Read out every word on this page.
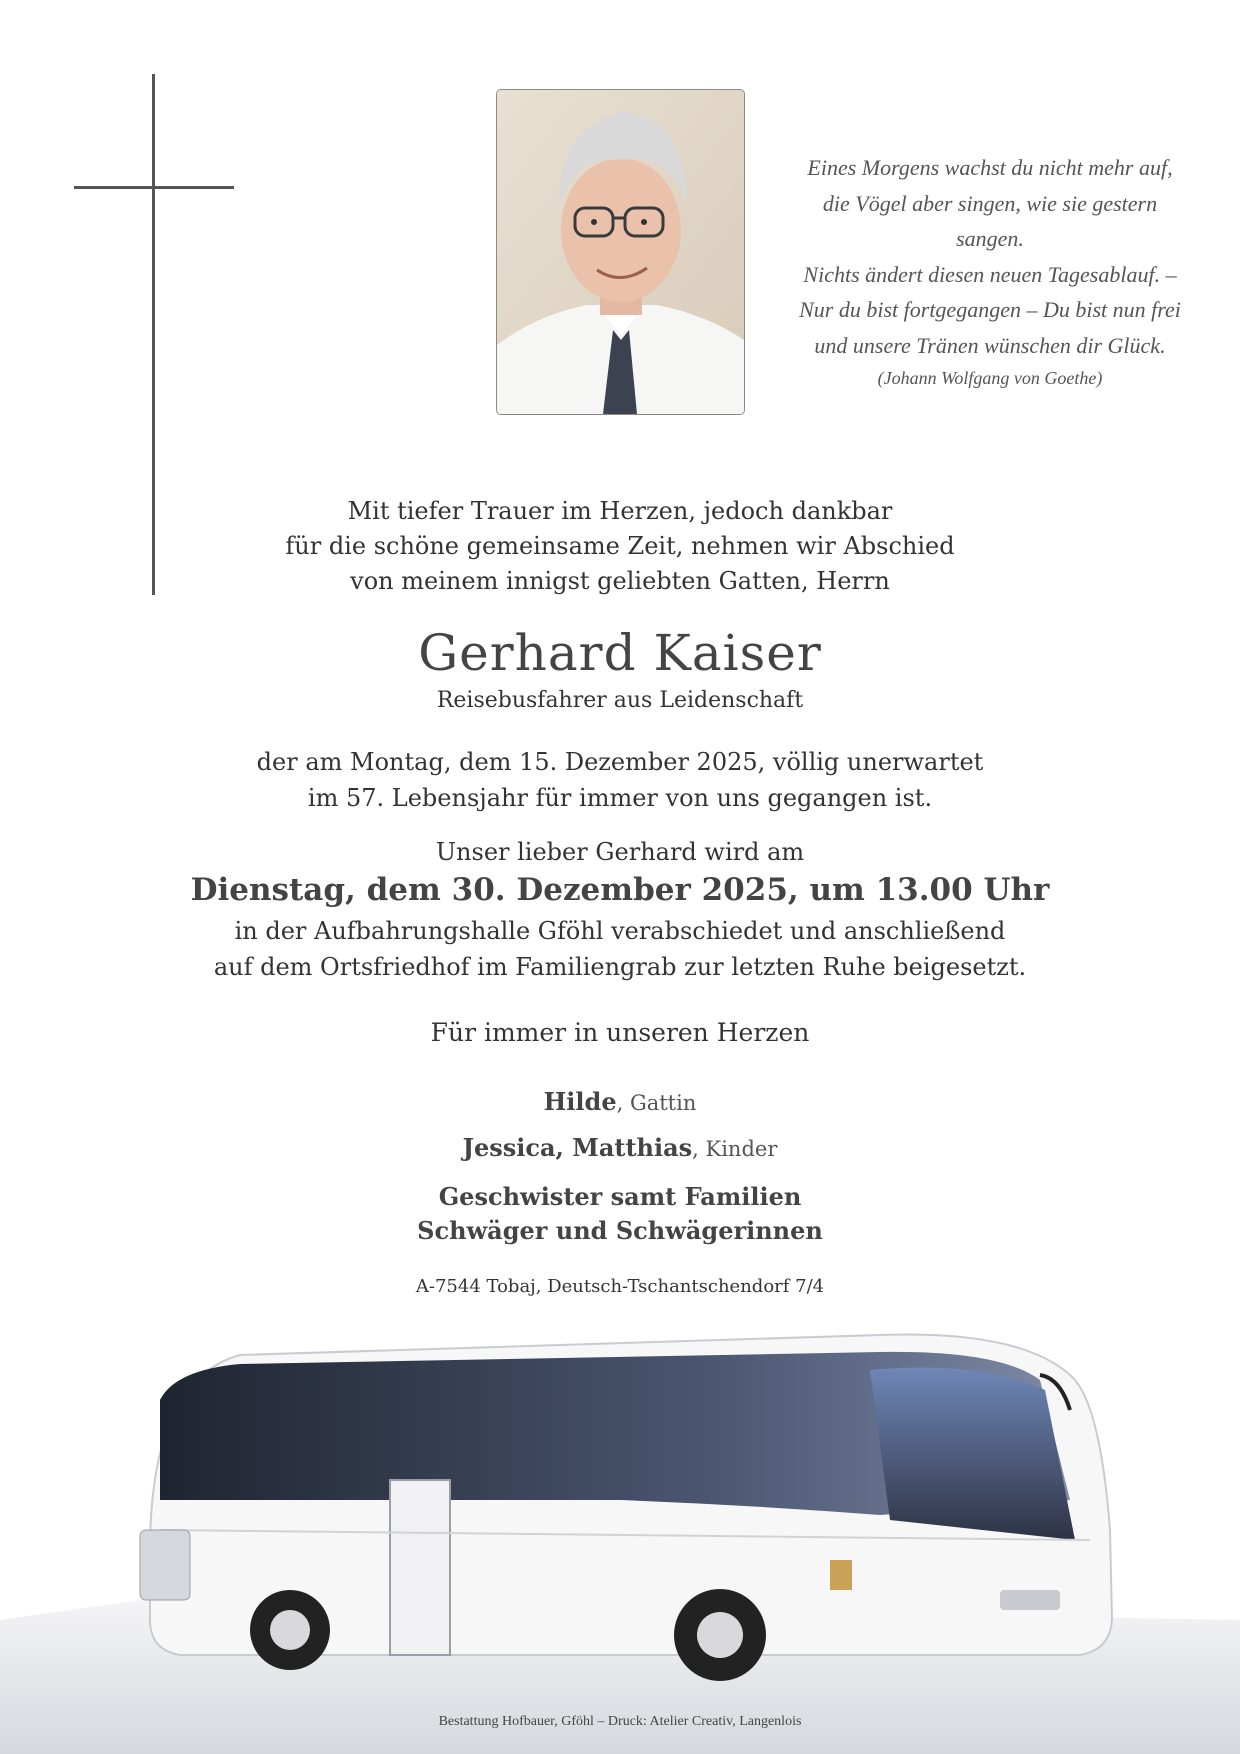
Eines Morgens wachst du nicht mehr auf,
die Vögel aber singen, wie sie gestern sangen.
Nichts ändert diesen neuen Tagesablauf. –
Nur du bist fortgegangen – Du bist nun frei
und unsere Tränen wünschen dir Glück.
(Johann Wolfgang von Goethe)
Mit tiefer Trauer im Herzen, jedoch dankbar
für die schöne gemeinsame Zeit, nehmen wir Abschied
von meinem innigst geliebten Gatten, Herrn
Gerhard Kaiser
Reisebusfahrer aus Leidenschaft
der am Montag, dem 15. Dezember 2025, völlig unerwartet
im 57. Lebensjahr für immer von uns gegangen ist.
Unser lieber Gerhard wird am
Dienstag, dem 30. Dezember 2025, um 13.00 Uhr
in der Aufbahrungshalle Gföhl verabschiedet und anschließend
auf dem Ortsfriedhof im Familiengrab zur letzten Ruhe beigesetzt.
Für immer in unseren Herzen
Hilde, Gattin
Jessica, Matthias, Kinder
Geschwister samt Familien
Schwäger und Schwägerinnen
A-7544 Tobaj, Deutsch-Tschantschendorf 7/4
Bestattung Hofbauer, Gföhl – Druck: Atelier Creativ, Langenlois
